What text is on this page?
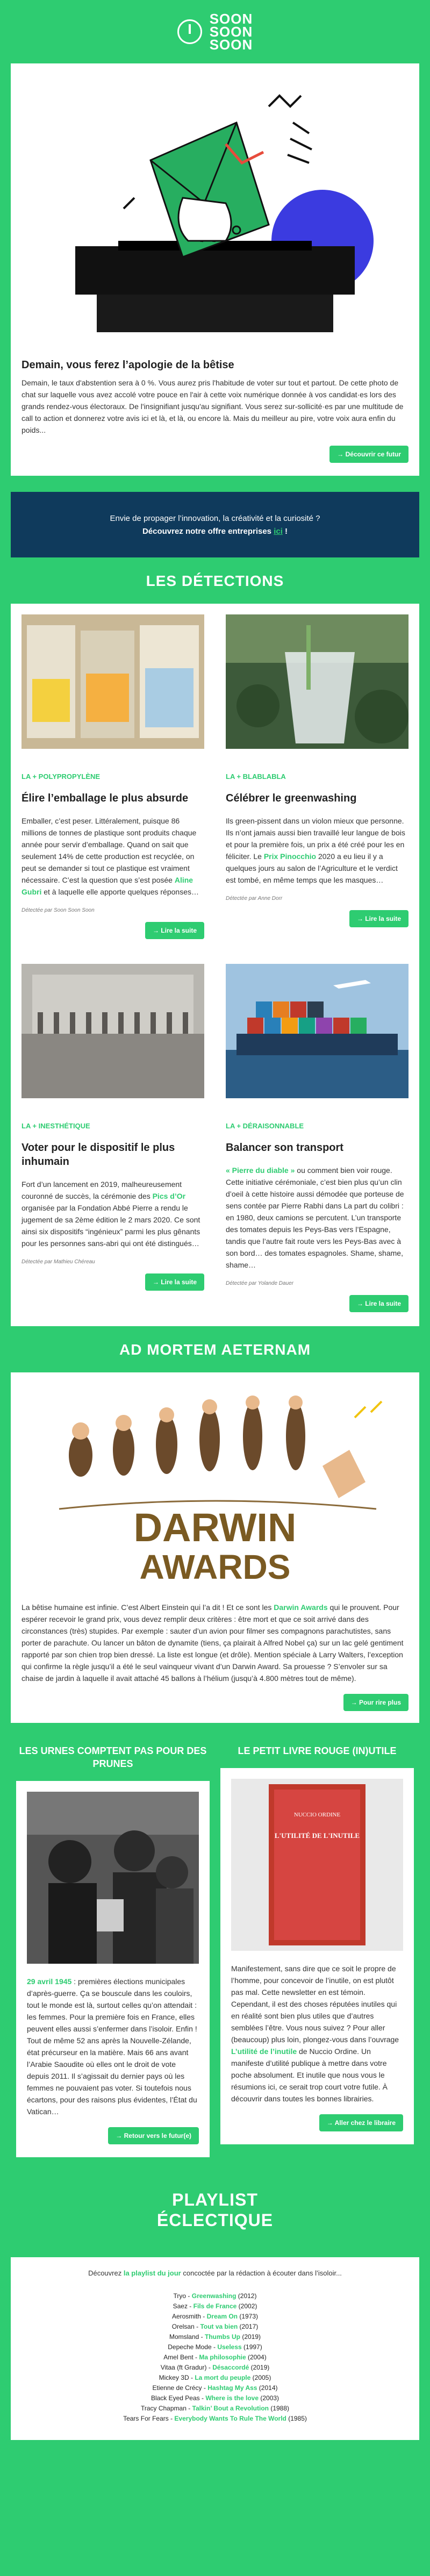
SOON
SOON
SOON
Demain, vous ferez l’apologie de la bêtise

Demain, le taux d'abstention sera à 0 %. Vous aurez pris l'habitude de voter sur tout et partout. De cette photo de chat sur laquelle vous avez accolé votre pouce en l'air à cette voix numérique donnée à vos candidat·es lors des grands rendez-vous électoraux. De l'insignifiant jusqu'au signifiant. Vous serez sur-sollicité·es par une multitude de call to action et donnerez votre avis ici et là, et là, ou encore là. Mais du meilleur au pire, votre voix aura enfin du poids...

→ Découvrir ce futur
Envie de propager l’innovation, la créativité et la curiosité ?
Découvrez notre offre entreprises ici !
LES DÉTECTIONS
LA + POLYPROPYLÈNE
Élire l’emballage le plus absurde

Emballer, c’est peser. Littéralement, puisque 86 millions de tonnes de plastique sont produits chaque année pour servir d’emballage. Quand on sait que seulement 14% de cette production est recyclée, on peut se demander si tout ce plastique est vraiment nécessaire. C’est la question que s’est posée Aline Gubri et à laquelle elle apporte quelques réponses…

Détectée par Soon Soon Soon
→ Lire la suite
LA + BLABLABLA
Célébrer le greenwashing

Ils green-pissent dans un violon mieux que personne. Ils n’ont jamais aussi bien travaillé leur langue de bois et pour la première fois, un prix a été créé pour les en féliciter. Le Prix Pinocchio 2020 a eu lieu il y a quelques jours au salon de l’Agriculture et le verdict est tombé, en même temps que les masques…

Détectée par Anne Dorr
→ Lire la suite
LA + INESTHÉTIQUE
Voter pour le dispositif le plus inhumain

Fort d’un lancement en 2019, malheureusement couronné de succès, la cérémonie des Pics d’Or organisée par la Fondation Abbé Pierre a rendu le jugement de sa 2ème édition le 2 mars 2020. Ce sont ainsi six dispositifs “ingénieux” parmi les plus gênants pour les personnes sans-abri qui ont été distingués…

Détectée par Mathieu Chéreau
→ Lire la suite
LA + DÉRAISONNABLE
Balancer son transport

« Pierre du diable » ou comment bien voir rouge. Cette initiative cérémoniale, c’est bien plus qu’un clin d’oeil à cette histoire aussi démodée que porteuse de sens contée par Pierre Rabhi dans La part du colibri : en 1980, deux camions se percutent. L’un transporte des tomates depuis les Peys-Bas vers l’Espagne, tandis que l’autre fait route vers les Peys-Bas avec à son bord… des tomates espagnoles. Shame, shame, shame…

Détectée par Yolande Dauer
→ Lire la suite
AD MORTEM AETERNAM
DARWIN
AWARDS

La bêtise humaine est infinie. C’est Albert Einstein qui l’a dit ! Et ce sont les Darwin Awards qui le prouvent. Pour espérer recevoir le grand prix, vous devez remplir deux critères : être mort et que ce soit arrivé dans des circonstances (très) stupides. Par exemple : sauter d’un avion pour filmer ses compagnons parachutistes, sans porter de parachute. Ou lancer un bâton de dynamite (tiens, ça plairait à Alfred Nobel ça) sur un lac gelé gentiment rapporté par son chien trop bien dressé. La liste est longue (et drôle). Mention spéciale à Larry Walters, l’exception qui confirme la règle jusqu’il a été le seul vainqueur vivant d’un Darwin Award. Sa prouesse ? S’envoler sur sa chaise de jardin à laquelle il avait attaché 45 ballons à l’hélium (jusqu’à 4.800 mètres tout de même).

→ Pour rire plus
LES URNES COMPTENT PAS POUR DES PRUNES

29 avril 1945 : premières élections municipales d’après-guerre. Ça se bouscule dans les couloirs, tout le monde est là, surtout celles qu’on attendait : les femmes. Pour la première fois en France, elles peuvent elles aussi s’enfermer dans l’isoloir. Enfin ! Tout de même 52 ans après la Nouvelle-Zélande, état précurseur en la matière. Mais 66 ans avant l’Arabie Saoudite où elles ont le droit de vote depuis 2011. Il s’agissait du dernier pays où les femmes ne pouvaient pas voter. Si toutefois nous écartons, pour des raisons plus évidentes, l’État du Vatican…

→ Retour vers le futur(e)
LE PETIT LIVRE ROUGE (IN)UTILE
NUCCIO ORDINE
L'UTILITÉ DE L'INUTILE

Manifestement, sans dire que ce soit le propre de l’homme, pour concevoir de l’inutile, on est plutôt pas mal. Cette newsletter en est témoin. Cependant, il est des choses réputées inutiles qui en réalité sont bien plus utiles que d’autres semblées l’être. Vous nous suivez ? Pour aller (beaucoup) plus loin, plongez-vous dans l’ouvrage L’utilité de l’inutile de Nuccio Ordine. Un manifeste d’utilité publique à mettre dans votre poche absolument. Et inutile que nous vous le résumions ici, ce serait trop court votre futile. À découvrir dans toutes les bonnes librairies.

→ Aller chez le libraire
PLAYLIST
ÉCLECTIQUE
Découvrez la playlist du jour concoctée par la rédaction à écouter dans l’isoloir...
Tryo - Greenwashing (2012)
Saez - Fils de France (2002)
Aerosmith - Dream On (1973)
Orelsan - Tout va bien (2017)
Momsland - Thumbs Up (2019)
Depeche Mode - Useless (1997)
Amel Bent - Ma philosophie (2004)
Vitaa (ft Gradur) - Désaccordé (2019)
Mickey 3D - La mort du peuple (2005)
Etienne de Crécy - Hashtag My Ass (2014)
Black Eyed Peas - Where is the love (2003)
Tracy Chapman - Talkin’ Bout a Revolution (1988)
Tears For Fears - Everybody Wants To Rule The World (1985)
